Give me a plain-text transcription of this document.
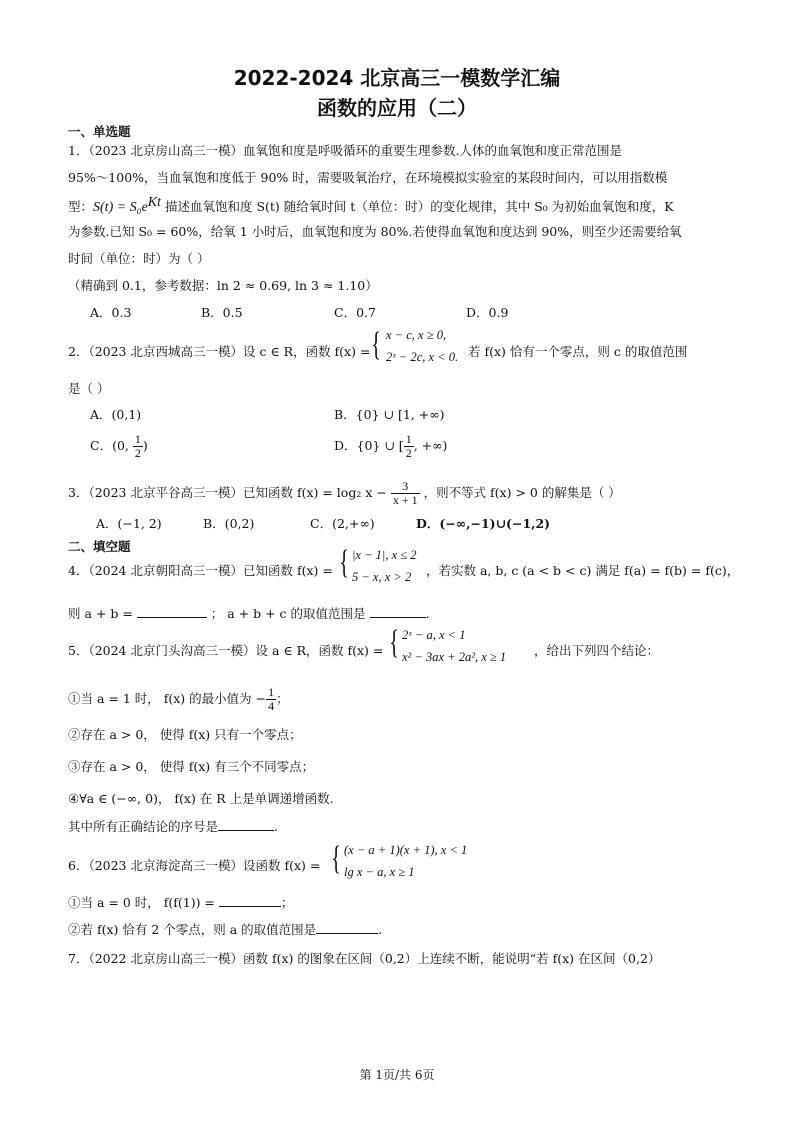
2022-2024 北京高三一模数学汇编
函数的应用（二）
一、单选题
1．（2023 北京房山高三一模）血氧饱和度是呼吸循环的重要生理参数.人体的血氧饱和度正常范围是
95%～100%，当血氧饱和度低于 90% 时，需要吸氧治疗，在环境模拟实验室的某段时间内，可以用指数模
型：$S(t) = S_0e^{Kt}$ 描述血氧饱和度 S(t) 随给氧时间 t（单位：时）的变化规律，其中 S₀ 为初始血氧饱和度，K
为参数.已知 S₀ = 60%，给氧 1 小时后，血氧饱和度为 80%.若使得血氧饱和度达到 90%，则至少还需要给氧
时间（单位：时）为（ ）
（精确到 0.1，参考数据：ln 2 ≈ 0.69, ln 3 ≈ 1.10）
A．0.3	B．0.5	C．0.7	D．0.9
2．（2023 北京西城高三一模）设 c ∈ R，函数 f(x) = { x − c, x ≥ 0,
2ˣ − 2c, x < 0. 若 f(x) 恰有一个零点，则 c 的取值范围
是（ ）
A．(0,1)	B．{0} ∪ [1, +∞)
C．(0, $\frac{1}{2}$ )	D．{0} ∪ [ $\frac{1}{2}$ , +∞)
3．（2023 北京平谷高三一模）已知函数 f(x) = log₂ $x - \frac{3}{x + 1}$ ，则不等式 f(x) > 0 的解集是（ ）
A．(−1, 2)	B．(0,2)	C．(2,+∞)	D．(−∞,−1)∪(−1,2)
二、填空题
4．（2024 北京朝阳高三一模）已知函数 f(x) = { |x − 1|, x ≤ 2
5 − x, x > 2 ，若实数 a, b, c (a < b < c) 满足 f(a) = f(b) = f(c)，
则 a + b =	； a + b + c 的取值范围是	.
5．（2024 北京门头沟高三一模）设 a ∈ R，函数 f(x) = { 2ˣ − a, x < 1
x² − 3ax + 2a², x ≥ 1 ，给出下列四个结论：
①当 a = 1 时， f(x) 的最小值为 − $\frac{1}{4}$ ；
②存在 a > 0， 使得 f(x) 只有一个零点；
③存在 a > 0， 使得 f(x) 有三个不同零点；
④∀a ∈ (−∞, 0)， f(x) 在 R 上是单调递增函数.
其中所有正确结论的序号是	.
6．（2023 北京海淀高三一模）设函数 f(x) = { (x − a + 1)(x + 1), x < 1
lg x − a, x ≥ 1
①当 a = 0 时， f(f(1)) =	；
②若 f(x) 恰有 2 个零点，则 a 的取值范围是	.
7．（2022 北京房山高三一模）函数 f(x) 的图象在区间（0,2）上连续不断，能说明“若 f(x) 在区间（0,2）
第 1页/共 6页
